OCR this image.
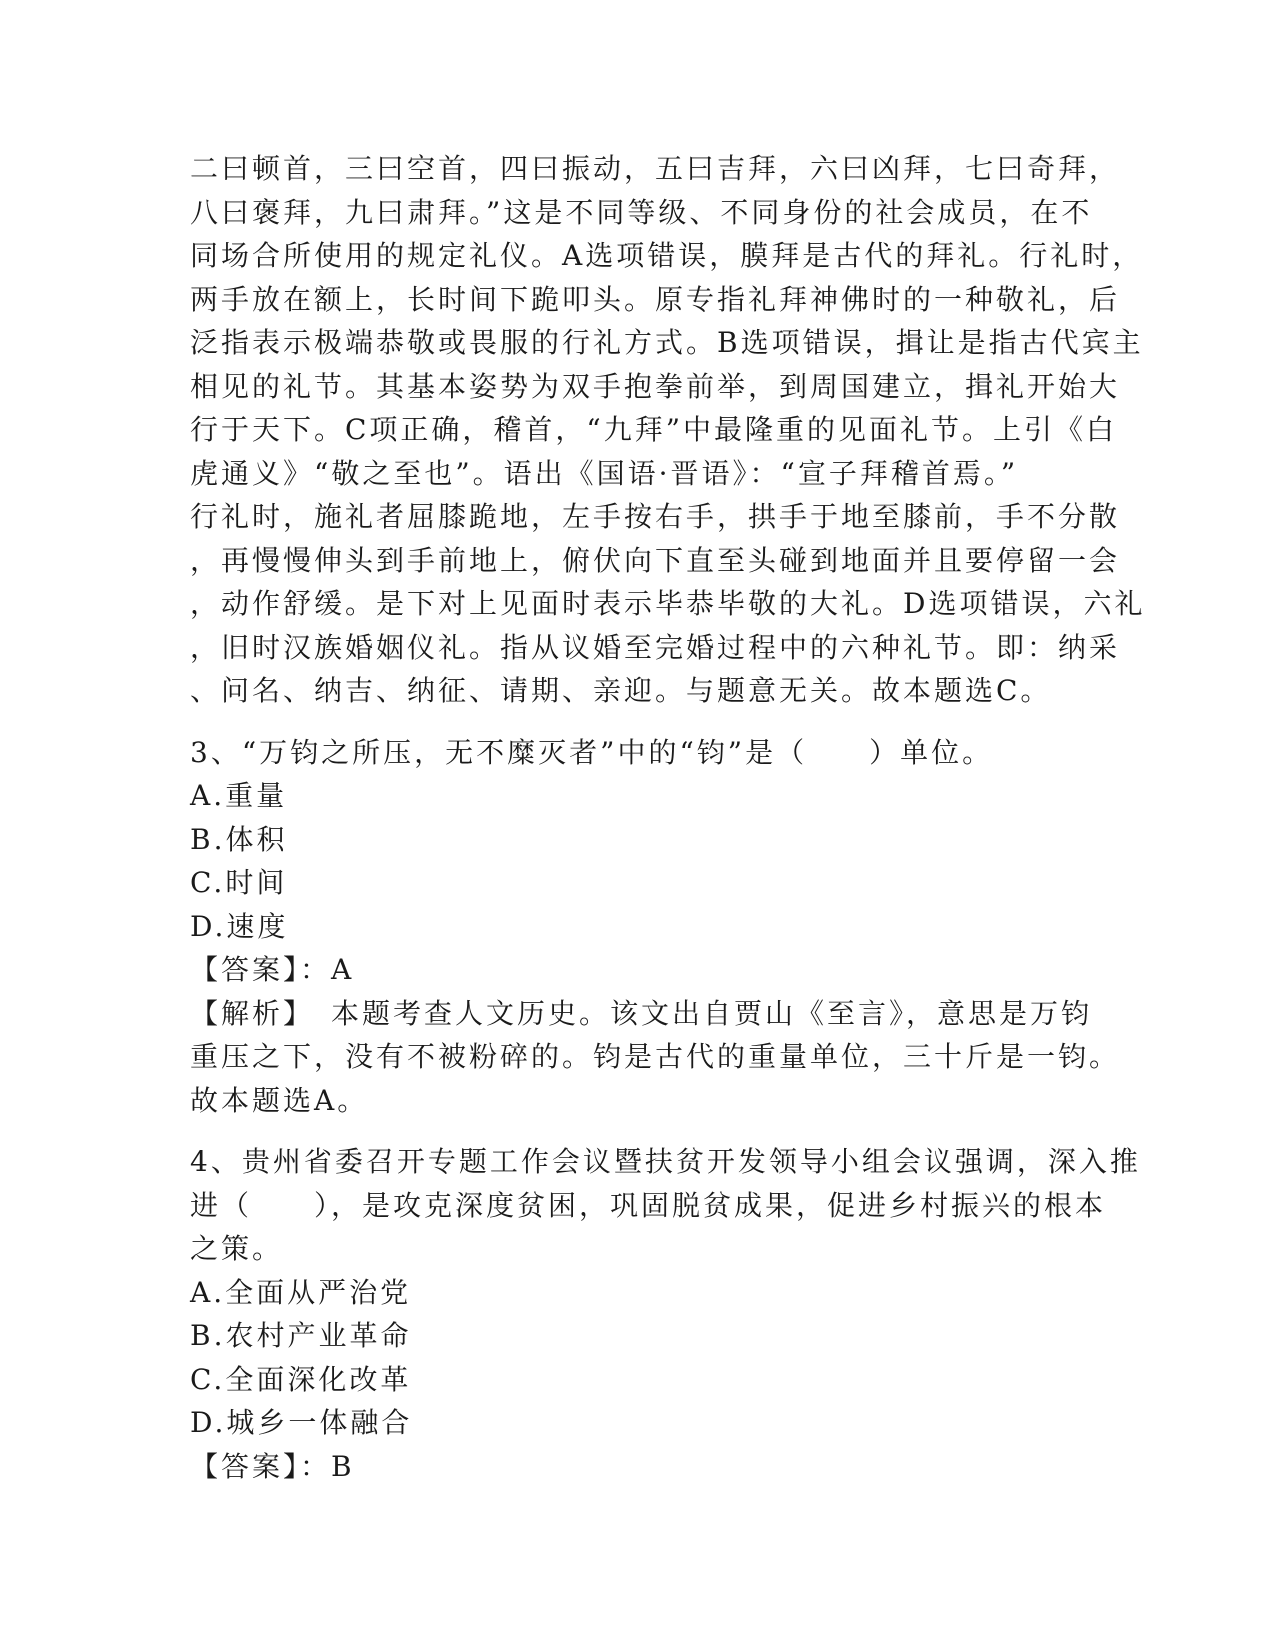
二曰顿首，三曰空首，四曰振动，五曰吉拜，六曰凶拜，七曰奇拜，

八曰褒拜，九曰肃拜。”这是不同等级、不同身份的社会成员，在不

同场合所使用的规定礼仪。A选项错误，膜拜是古代的拜礼。行礼时，

两手放在额上，长时间下跪叩头。原专指礼拜神佛时的一种敬礼，后

泛指表示极端恭敬或畏服的行礼方式。B选项错误，揖让是指古代宾主

相见的礼节。其基本姿势为双手抱拳前举，到周国建立，揖礼开始大

行于天下。C项正确，稽首，“九拜”中最隆重的见面礼节。上引《白

虎通义》“敬之至也”。语出《国语·晋语》：“宣子拜稽首焉。”

行礼时，施礼者屈膝跪地，左手按右手，拱手于地至膝前，手不分散

，再慢慢伸头到手前地上，俯伏向下直至头碰到地面并且要停留一会

，动作舒缓。是下对上见面时表示毕恭毕敬的大礼。D选项错误，六礼

，旧时汉族婚姻仪礼。指从议婚至完婚过程中的六种礼节。即：纳采

、问名、纳吉、纳征、请期、亲迎。与题意无关。故本题选C。

3、“万钧之所压，无不糜灭者”中的“钧”是（　　）单位。

A.重量

B.体积

C.时间

D.速度

【答案】：A

【解析】　本题考查人文历史。该文出自贾山《至言》，意思是万钧

重压之下，没有不被粉碎的。钧是古代的重量单位，三十斤是一钧。

故本题选A。

4、贵州省委召开专题工作会议暨扶贫开发领导小组会议强调，深入推

进（　　），是攻克深度贫困，巩固脱贫成果，促进乡村振兴的根本

之策。

A.全面从严治党

B.农村产业革命

C.全面深化改革

D.城乡一体融合

【答案】：B
